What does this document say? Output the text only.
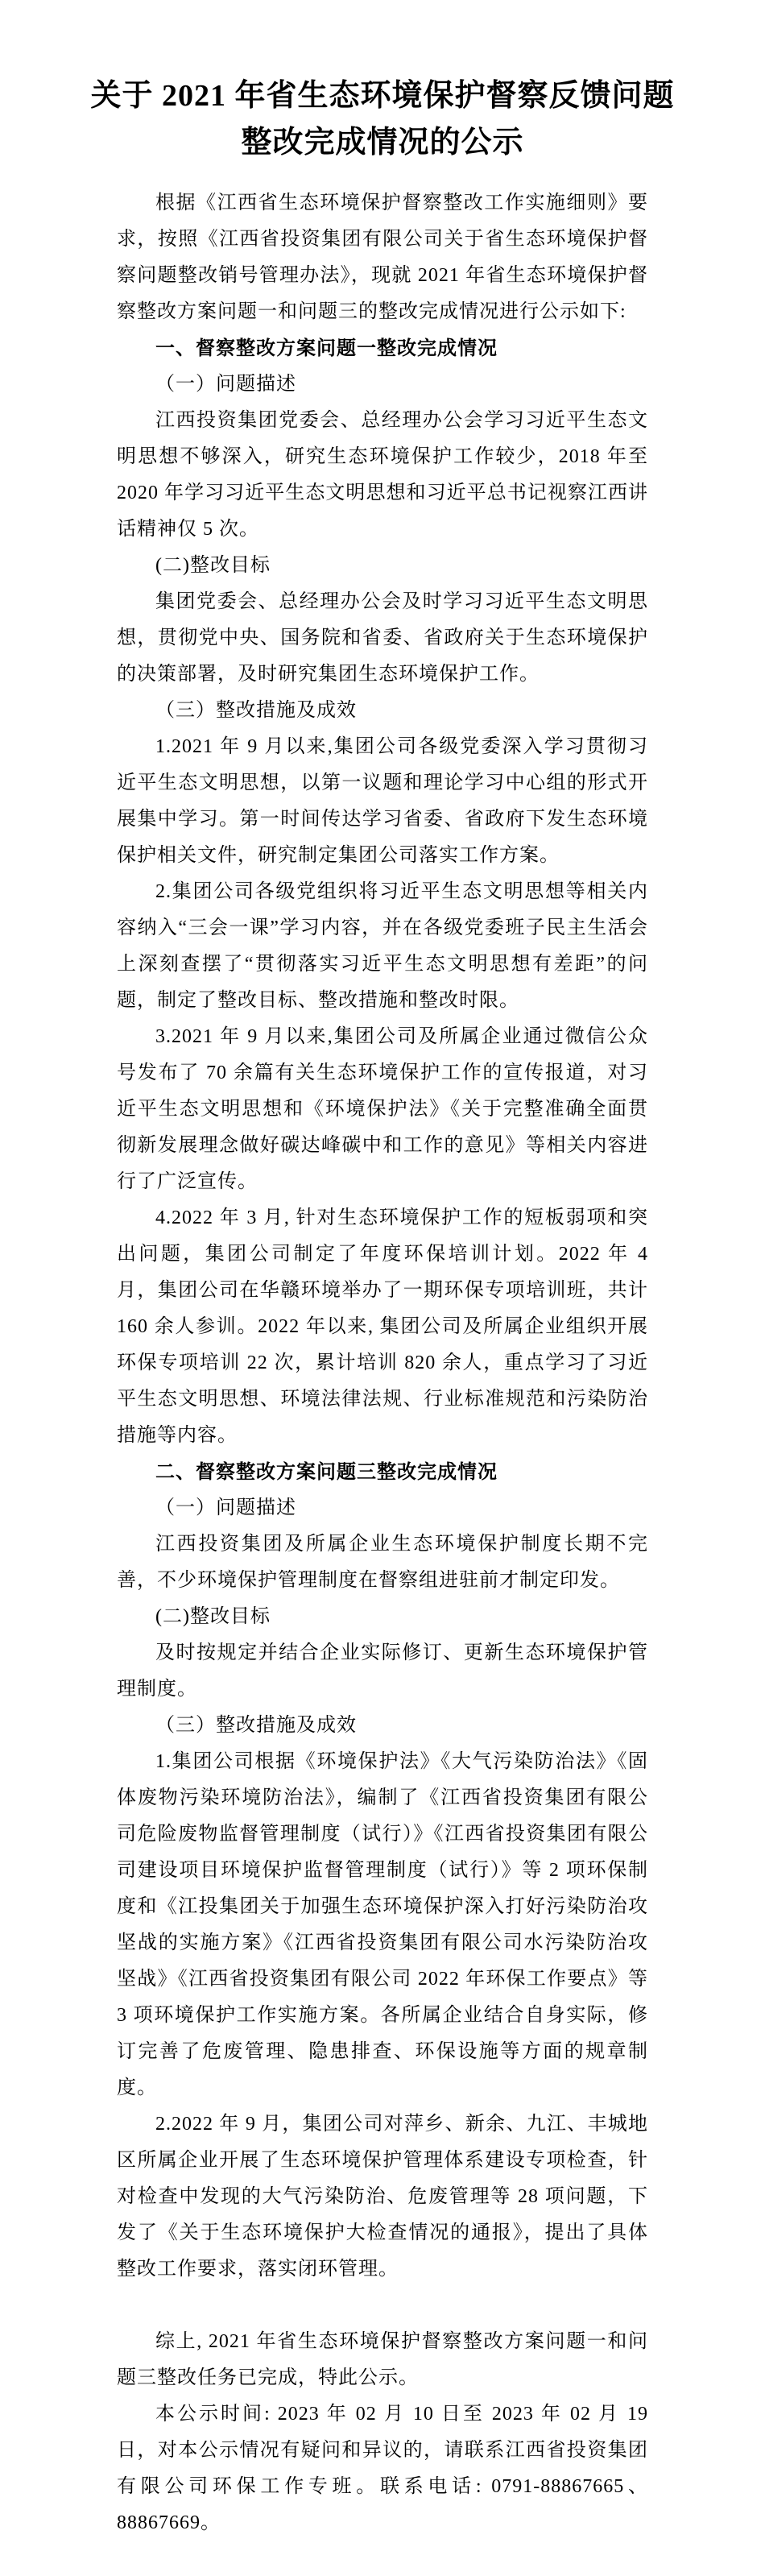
关于 2021 年省生态环境保护督察反馈问题
整改完成情况的公示

根据《江西省生态环境保护督察整改工作实施细则》要求，按照《江西省投资集团有限公司关于省生态环境保护督察问题整改销号管理办法》，现就 2021 年省生态环境保护督察整改方案问题一和问题三的整改完成情况进行公示如下:

一、督察整改方案问题一整改完成情况

（一）问题描述

江西投资集团党委会、总经理办公会学习习近平生态文明思想不够深入，研究生态环境保护工作较少，2018 年至 2020 年学习习近平生态文明思想和习近平总书记视察江西讲话精神仅 5 次。

(二)整改目标

集团党委会、总经理办公会及时学习习近平生态文明思想，贯彻党中央、国务院和省委、省政府关于生态环境保护的决策部署，及时研究集团生态环境保护工作。

（三）整改措施及成效

1.2021 年 9 月以来,集团公司各级党委深入学习贯彻习近平生态文明思想，以第一议题和理论学习中心组的形式开展集中学习。第一时间传达学习省委、省政府下发生态环境保护相关文件，研究制定集团公司落实工作方案。

2.集团公司各级党组织将习近平生态文明思想等相关内容纳入“三会一课”学习内容，并在各级党委班子民主生活会上深刻查摆了“贯彻落实习近平生态文明思想有差距”的问题，制定了整改目标、整改措施和整改时限。

3.2021 年 9 月以来,集团公司及所属企业通过微信公众号发布了 70 余篇有关生态环境保护工作的宣传报道，对习近平生态文明思想和《环境保护法》《关于完整准确全面贯彻新发展理念做好碳达峰碳中和工作的意见》等相关内容进行了广泛宣传。

4.2022 年 3 月, 针对生态环境保护工作的短板弱项和突出问题，集团公司制定了年度环保培训计划。2022 年 4 月，集团公司在华赣环境举办了一期环保专项培训班，共计 160 余人参训。2022 年以来, 集团公司及所属企业组织开展环保专项培训 22 次，累计培训 820 余人，重点学习了习近平生态文明思想、环境法律法规、行业标准规范和污染防治措施等内容。

二、督察整改方案问题三整改完成情况

（一）问题描述

江西投资集团及所属企业生态环境保护制度长期不完善，不少环境保护管理制度在督察组进驻前才制定印发。

(二)整改目标

及时按规定并结合企业实际修订、更新生态环境保护管理制度。

（三）整改措施及成效

1.集团公司根据《环境保护法》《大气污染防治法》《固体废物污染环境防治法》，编制了《江西省投资集团有限公司危险废物监督管理制度（试行）》《江西省投资集团有限公司建设项目环境保护监督管理制度（试行）》等 2 项环保制度和《江投集团关于加强生态环境保护深入打好污染防治攻坚战的实施方案》《江西省投资集团有限公司水污染防治攻坚战》《江西省投资集团有限公司 2022 年环保工作要点》等 3 项环境保护工作实施方案。各所属企业结合自身实际，修订完善了危废管理、隐患排查、环保设施等方面的规章制度。

2.2022 年 9 月，集团公司对萍乡、新余、九江、丰城地区所属企业开展了生态环境保护管理体系建设专项检查，针对检查中发现的大气污染防治、危废管理等 28 项问题，下发了《关于生态环境保护大检查情况的通报》，提出了具体整改工作要求，落实闭环管理。

综上, 2021 年省生态环境保护督察整改方案问题一和问题三整改任务已完成，特此公示。

本公示时间: 2023 年 02 月 10 日至 2023 年 02 月 19 日，对本公示情况有疑问和异议的，请联系江西省投资集团有限公司环保工作专班。联系电话: 0791-88867665、88867669。
